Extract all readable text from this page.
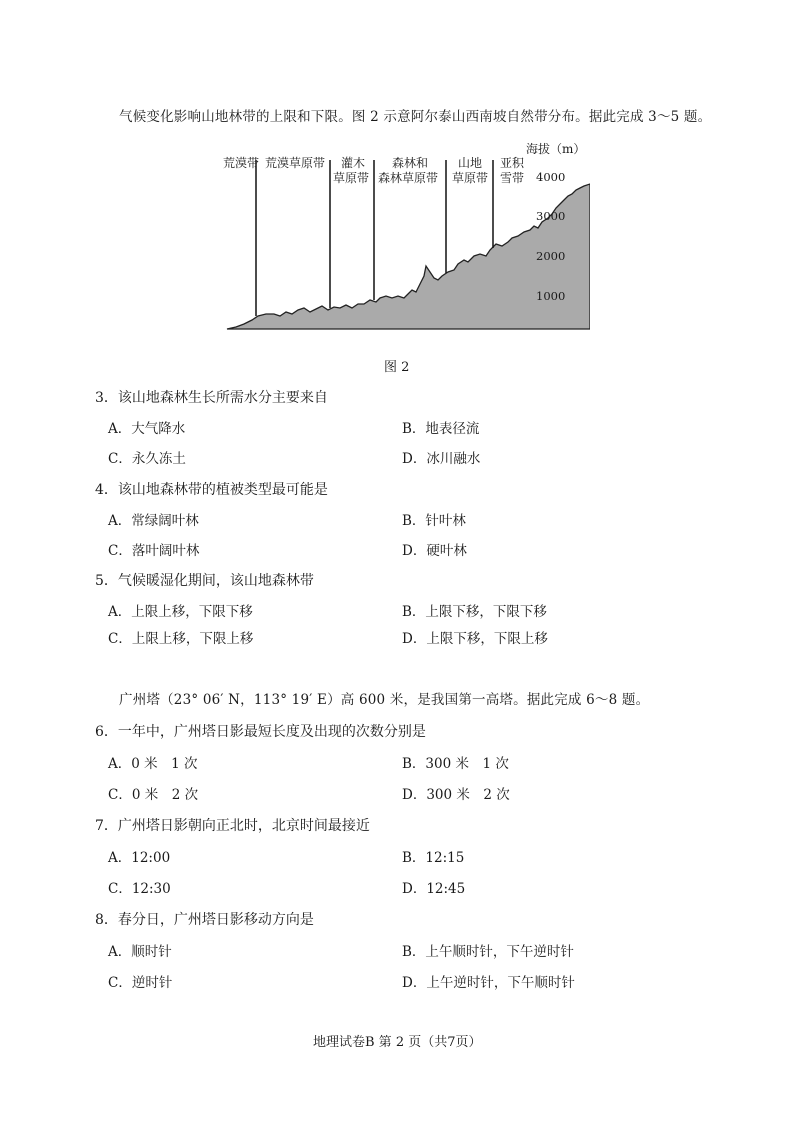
气候变化影响山地林带的上限和下限。图 2 示意阿尔泰山西南坡自然带分布。据此完成 3～5 题。
荒漠带 荒漠草原带 灌木
草原带
森林和
森林草原带
山地
草原带
亚积
雪带
海拔（m）
4000
3000
2000
1000
图 2
3．该山地森林生长所需水分主要来自
A．大气降水	B．地表径流
C．永久冻土	D．冰川融水
4．该山地森林带的植被类型最可能是
A．常绿阔叶林	B．针叶林
C．落叶阔叶林	D．硬叶林
5．气候暖湿化期间，该山地森林带
A．上限上移，下限下移	B．上限下移，下限下移
C．上限上移，下限上移	D．上限下移，下限上移
广州塔（23° 06′ N，113° 19′ E）高 600 米，是我国第一高塔。据此完成 6～8 题。
6．一年中，广州塔日影最短长度及出现的次数分别是
A．0 米　1 次	B．300 米　1 次
C．0 米　2 次	D．300 米　2 次
7．广州塔日影朝向正北时，北京时间最接近
A．12:00	B．12:15
C．12:30	D．12:45
8．春分日，广州塔日影移动方向是
A．顺时针	B．上午顺时针，下午逆时针
C．逆时针	D．上午逆时针，下午顺时针
地理试卷B 第 2 页（共7页）
